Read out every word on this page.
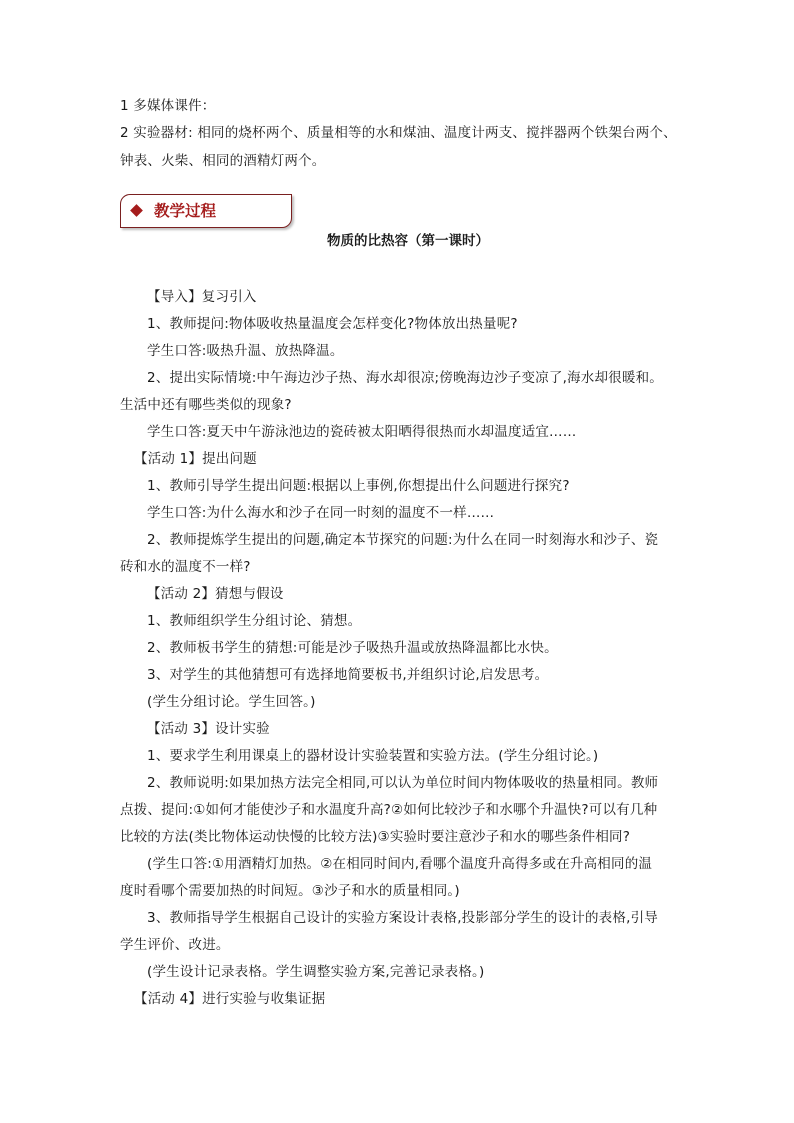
1 多媒体课件：
2 实验器材: 相同的烧杯两个、质量相等的水和煤油、温度计两支、搅拌器两个铁架台两个、
钟表、火柴、相同的酒精灯两个。
教学过程
物质的比热容（第一课时）
【导入】复习引入
1、教师提问:物体吸收热量温度会怎样变化?物体放出热量呢?
学生口答:吸热升温、放热降温。
2、提出实际情境:中午海边沙子热、海水却很凉;傍晚海边沙子变凉了,海水却很暖和。
生活中还有哪些类似的现象?
学生口答:夏天中午游泳池边的瓷砖被太阳晒得很热而水却温度适宜……
【活动 1】提出问题
1、教师引导学生提出问题:根据以上事例,你想提出什么问题进行探究?
学生口答:为什么海水和沙子在同一时刻的温度不一样……
2、教师提炼学生提出的问题,确定本节探究的问题:为什么在同一时刻海水和沙子、瓷
砖和水的温度不一样?
【活动 2】猜想与假设
1、教师组织学生分组讨论、猜想。
2、教师板书学生的猜想:可能是沙子吸热升温或放热降温都比水快。
3、对学生的其他猜想可有选择地简要板书,并组织讨论,启发思考。
(学生分组讨论。学生回答。)
【活动 3】设计实验
1、要求学生利用课桌上的器材设计实验装置和实验方法。(学生分组讨论。)
2、教师说明:如果加热方法完全相同,可以认为单位时间内物体吸收的热量相同。教师
点拨、提问:①如何才能使沙子和水温度升高?②如何比较沙子和水哪个升温快?可以有几种
比较的方法(类比物体运动快慢的比较方法)③实验时要注意沙子和水的哪些条件相同?
(学生口答:①用酒精灯加热。②在相同时间内,看哪个温度升高得多或在升高相同的温
度时看哪个需要加热的时间短。③沙子和水的质量相同。)
3、教师指导学生根据自己设计的实验方案设计表格,投影部分学生的设计的表格,引导
学生评价、改进。
(学生设计记录表格。学生调整实验方案,完善记录表格。)
【活动 4】进行实验与收集证据
